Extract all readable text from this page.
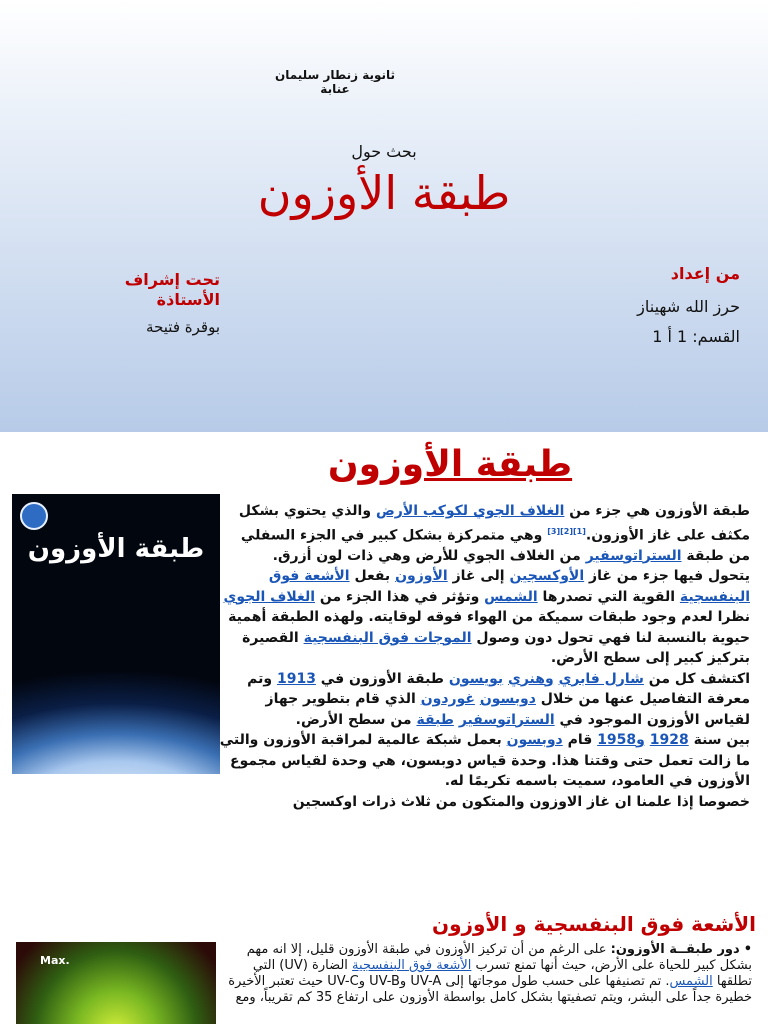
ثانوية زنطار سليمان
عنابة
بحث حول
طبقة الأوزون
من إعداد
حرز الله شهيناز
القسم: 1 أ 1
تحت إشراف
الأستاذة
بوقرة فتيحة
طبقة الأوزون
طبقة الأوزون

طبقة الأوزون هي جزء من الغلاف الجوي لكوكب الأرض والذي يحتوي بشكل مكثف على غاز الأوزون.[1][2][3] وهي متمركزة بشكل كبير في الجزء السفلي من طبقة الستراتوسفير من الغلاف الجوي للأرض وهي ذات لون أزرق.

يتحول فيها جزء من غاز الأوكسجين إلى غاز الأوزون بفعل الأشعة فوق البنفسجية القوية التي تصدرها الشمس وتؤثر في هذا الجزء من الغلاف الجوي نظرا لعدم وجود طبقات سميكة من الهواء فوقه لوقايته. ولهذه الطبقة أهمية حيوية بالنسبة لنا فهي تحول دون وصول الموجات فوق البنفسجية القصيرة بتركيز كبير إلى سطح الأرض.

اكتشف كل من شارل فابري وهنري بويسون طبقة الأوزون في 1913 وتم معرفة التفاصيل عنها من خلال دوبسون غوردون الذي قام بتطوير جهاز لقياس الأوزون الموجود في الستراتوسفير طبقة من سطح الأرض.

بين سنة 1928 و1958 قام دوبسون بعمل شبكة عالمية لمراقبة الأوزون والتي ما زالت تعمل حتى وقتنا هذا. وحدة قياس دوبسون، هي وحدة لقياس مجموع الأوزون في العامود، سميت باسمه تكريمًا له.

خصوصا إذا علمنا ان غاز الاوزون والمتكون من ثلاث ذرات اوكسجين

الأشعة فوق البنفسجية و الأوزون
Max.
•دور طبقــة الأوزون: على الرغم من أن تركيز الأوزون في طبقة الأوزون قليل، إلا انه مهم بشكل كبير للحياة على الأرض، حيث أنها تمنع تسرب الأشعة فوق البنفسجية الضارة (UV) التي تطلقها الشمس. تم تصنيفها على حسب طول موجاتها إلى UV-A وUV-B وUV-C حيث تعتبر الأخيرة خطيرة جداً على البشر، ويتم تصفيتها بشكل كامل بواسطة الأوزون على ارتفاع 35 كم تقريباً، ومع
